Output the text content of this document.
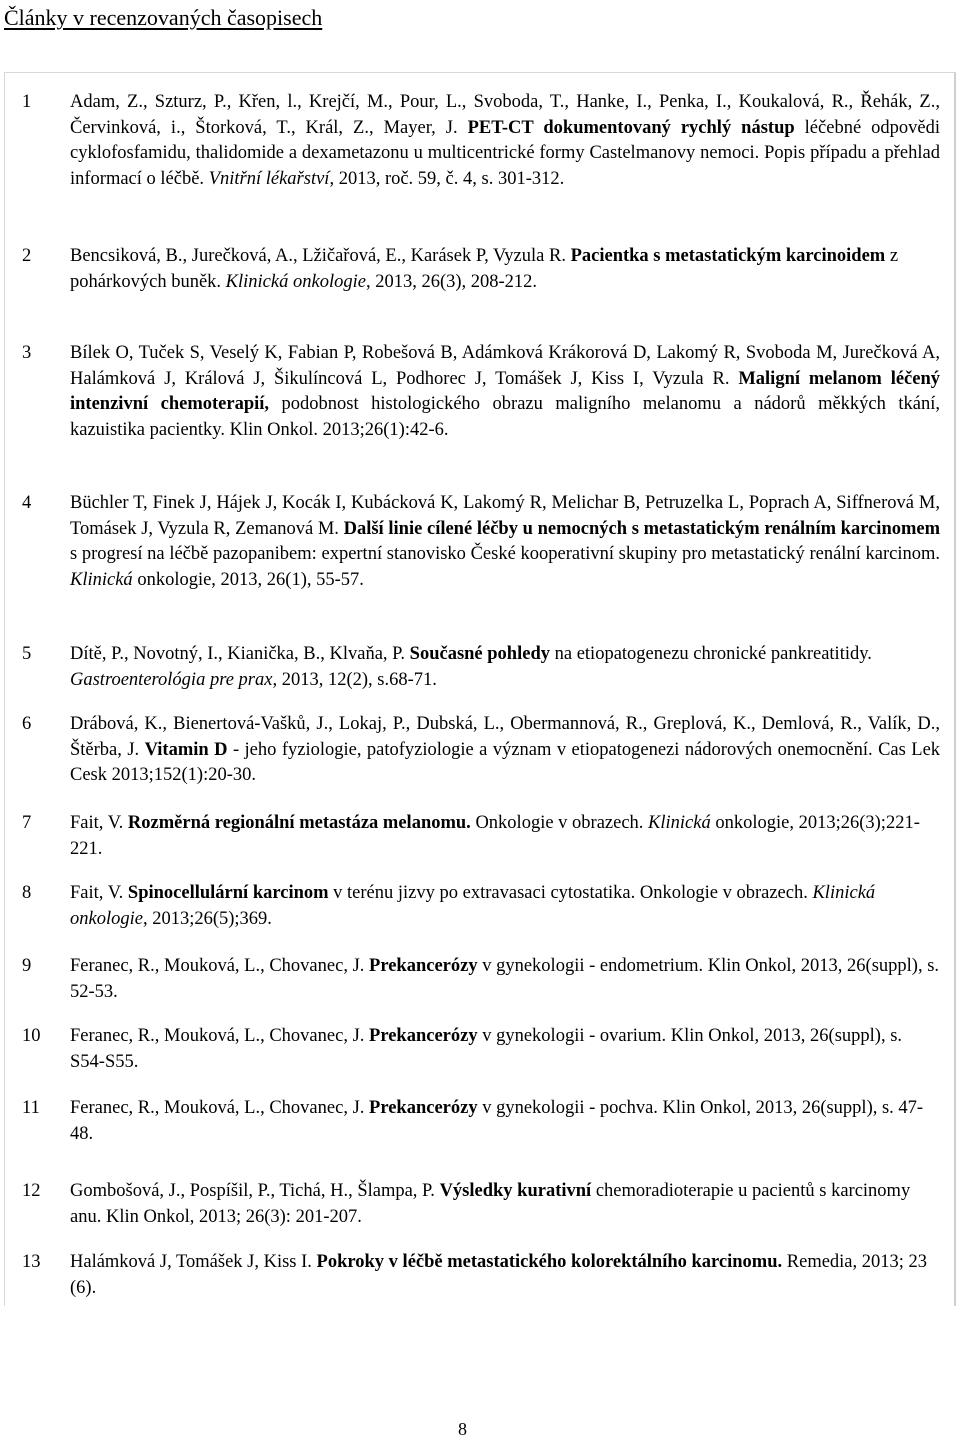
Články v recenzovaných časopisech
1	Adam, Z., Szturz, P., Křen, l., Krejčí, M., Pour, L., Svoboda, T., Hanke, I., Penka, I., Koukalová, R., Řehák, Z., Červinková, i., Štorková, T., Král, Z., Mayer, J. PET-CT dokumentovaný rychlý nástup léčebné odpovědi cyklofosfamidu, thalidomide a dexametazonu u multicentrické formy Castelmanovy nemoci. Popis případu a přehlad informací o léčbě. Vnitřní lékařství, 2013, roč. 59, č. 4, s. 301-312.

2	Bencsiková, B., Jurečková, A., Lžičařová, E., Karásek P, Vyzula R. Pacientka s metastatickým karcinoidem z pohárkových buněk. Klinická onkologie, 2013, 26(3), 208-212.

3	Bílek O, Tuček S, Veselý K, Fabian P, Robešová B, Adámková Krákorová D, Lakomý R, Svoboda M, Jurečková A, Halámková J, Králová J, Šikulíncová L, Podhorec J, Tomášek J, Kiss I, Vyzula R. Maligní melanom léčený intenzivní chemoterapií, podobnost histologického obrazu maligního melanomu a nádorů měkkých tkání, kazuistika pacientky. Klin Onkol. 2013;26(1):42-6.

4	Büchler T, Finek J, Hájek J, Kocák I, Kubácková K, Lakomý R, Melichar B, Petruzelka L, Poprach A, Siffnerová M, Tomásek J, Vyzula R, Zemanová M. Další linie cílené léčby u nemocných s metastatickým renálním karcinomem s progresí na léčbě pazopanibem: expertní stanovisko České kooperativní skupiny pro metastatický renální karcinom. Klinická onkologie, 2013, 26(1), 55-57.

5	Dítě, P., Novotný, I., Kianička, B., Klvaňa, P. Současné pohledy na etiopatogenezu chronické pankreatitidy. Gastroenterológia pre prax, 2013, 12(2), s.68-71.

6	Drábová, K., Bienertová-Vašků, J., Lokaj, P., Dubská, L., Obermannová, R., Greplová, K., Demlová, R., Valík, D., Štěrba, J. Vitamin D - jeho fyziologie, patofyziologie a význam v etiopatogenezi nádorových onemocnění. Cas Lek Cesk 2013;152(1):20-30.

7	Fait, V. Rozměrná regionální metastáza melanomu. Onkologie v obrazech. Klinická onkologie, 2013;26(3);221-221.

8	Fait, V. Spinocellulární karcinom v terénu jizvy po extravasaci cytostatika. Onkologie v obrazech. Klinická onkologie, 2013;26(5);369.

9	Feranec, R., Mouková, L., Chovanec, J. Prekancerózy v gynekologii - endometrium. Klin Onkol, 2013, 26(suppl), s. 52-53.

10	Feranec, R., Mouková, L., Chovanec, J. Prekancerózy v gynekologii - ovarium. Klin Onkol, 2013, 26(suppl), s. S54-S55.

11	Feranec, R., Mouková, L., Chovanec, J. Prekancerózy v gynekologii - pochva. Klin Onkol, 2013, 26(suppl), s. 47-48.

12	Gombošová, J., Pospíšil, P., Tichá, H., Šlampa, P. Výsledky kurativní chemoradioterapie u pacientů s karcinomy anu. Klin Onkol, 2013; 26(3): 201-207.

13	Halámková J, Tomášek J, Kiss I. Pokroky v léčbě metastatického kolorektálního karcinomu. Remedia, 2013; 23 (6).

8
